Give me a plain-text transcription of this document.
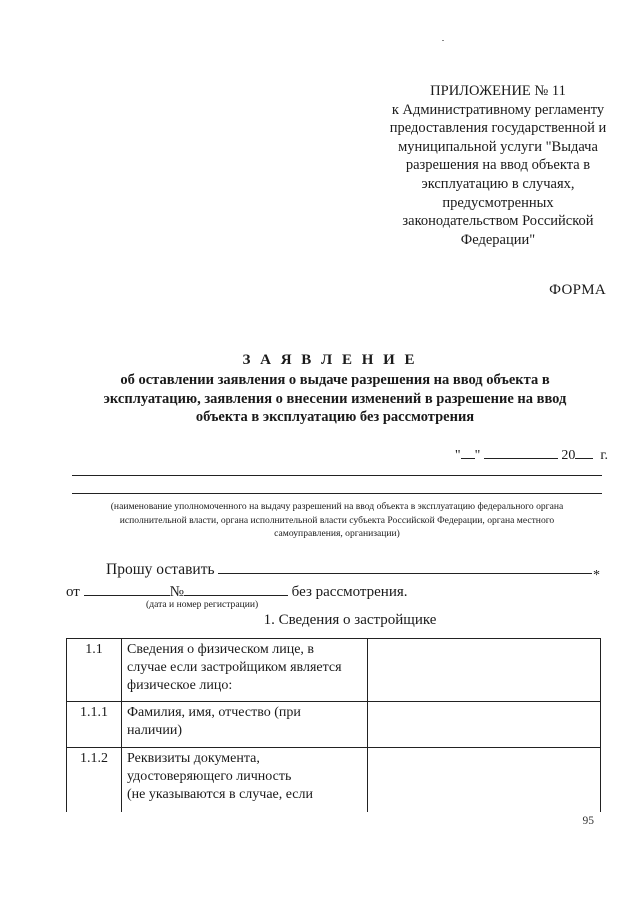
ПРИЛОЖЕНИЕ № 11
к Административному регламенту
предоставления государственной и
муниципальной услуги "Выдача
разрешения на ввод объекта в
эксплуатацию в случаях,
предусмотренных
законодательством Российской
Федерации"
ФОРМА
З А Я В Л Е Н И Е
об оставлении заявления о выдаче разрешения на ввод объекта в
эксплуатацию, заявления о внесении изменений в разрешение на ввод
объекта в эксплуатацию без рассмотрения
" "	20 г.
(наименование уполномоченного на выдачу разрешений на ввод объекта в эксплуатацию федерального органа
исполнительной власти, органа исполнительной власти субъекта Российской Федерации, органа местного
самоуправления, организации)
Прошу оставить	*
от	№	без рассмотрения.
(дата и номер регистрации)
1. Сведения о застройщике
1.1	Сведения о физическом лице, в
случае если застройщиком является
физическое лицо:	

1.1.1	Фамилия, имя, отчество (при
наличии)	

1.1.2	Реквизиты документа,
удостоверяющего личность
(не указываются в случае, если	

95
